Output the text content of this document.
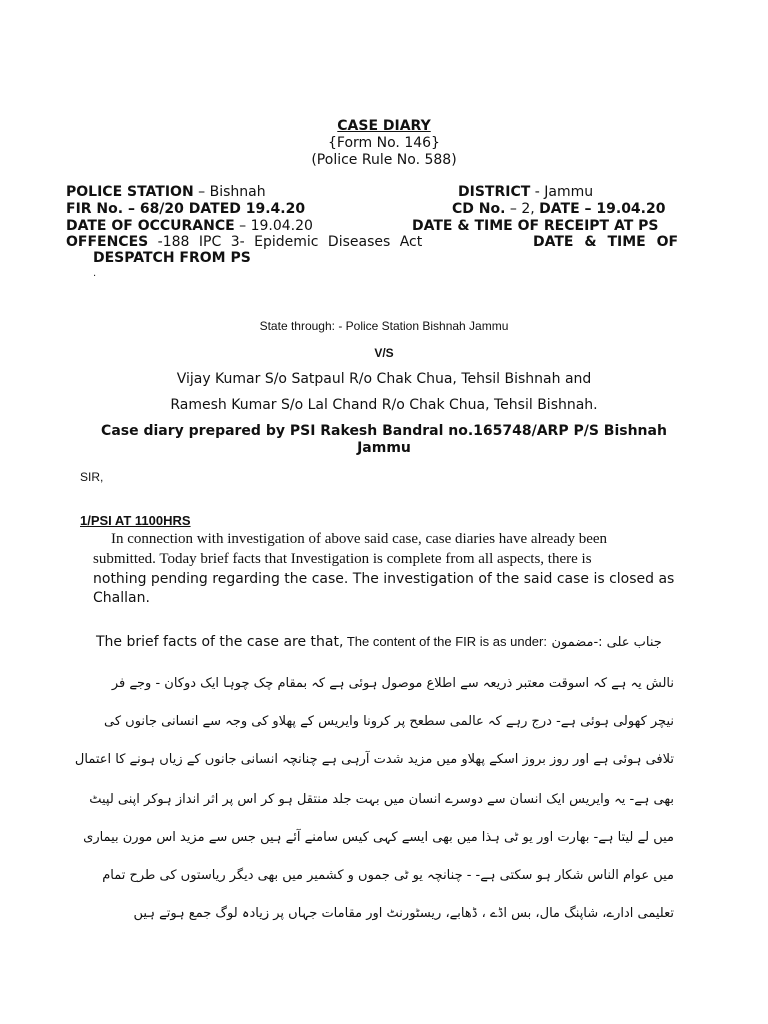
CASE DIARY
{Form No. 146}
(Police Rule No. 588)
POLICE STATION – Bishnah	DISTRICT - Jammu
FIR No. – 68/20 DATED 19.4.20	CD No. – 2, DATE – 19.04.20
DATE OF OCCURANCE – 19.04.20	DATE & TIME OF RECEIPT AT PS
OFFENCES -188 IPC 3- Epidemic Diseases Act	DATE & TIME OF
DESPATCH FROM PS
.
State through: - Police Station Bishnah Jammu
V/S
Vijay Kumar S/o Satpaul R/o Chak Chua, Tehsil Bishnah and
Ramesh Kumar S/o Lal Chand R/o Chak Chua, Tehsil Bishnah.
Case diary prepared by PSI Rakesh Bandral no.165748/ARP P/S Bishnah
Jammu
SIR,
1/PSI AT 1100HRS
In connection with investigation of above said case, case diaries have already been
submitted. Today brief facts that Investigation is complete from all aspects, there is
nothing pending regarding the case. The investigation of the said case is closed as
Challan.
The brief facts of the case are that, The content of the FIR is as under: جناب علی :-مضمون
نالش یہ ہے کہ اسوقت معتبر ذریعہ سے اطلاع موصول ہوئی ہے کہ بمقام چک چوہا ایک دوکان - وجے فر
نیچر کھولی ہوئی ہے- درج رہے کہ عالمی سطعح پر کرونا وایریس کے پھلاو کی وجہ سے انسانی جانوں کی
تلافی ہوئی ہے اور روز بروز اسکے پھلاو میں مزید شدت آرہی ہے چنانچہ انسانی جانوں کے زیاں ہونے کا اعتمال
بھی ہے- یہ وایریس ایک انسان سے دوسرے انسان میں بہت جلد منتقل ہو کر اس پر اثر انداز ہوکر اپنی لپیٹ
میں لے لیتا ہے- بھارت اور یو ٹی ہذا میں بھی ایسے کہی کیس سامنے آئے ہیں جس سے مزید اس مورن بیماری
میں عوام الناس شکار ہو سکتی ہے- - چنانچہ یو ٹی جموں و کشمیر میں بھی دیگر ریاستوں کی طرح تمام
تعلیمی ادارے، شاپنگ مال، بس اڈے ، ڈھابے، ریسٹورنٹ اور مقامات جہاں پر زیادہ لوگ جمع ہوتے ہیں
